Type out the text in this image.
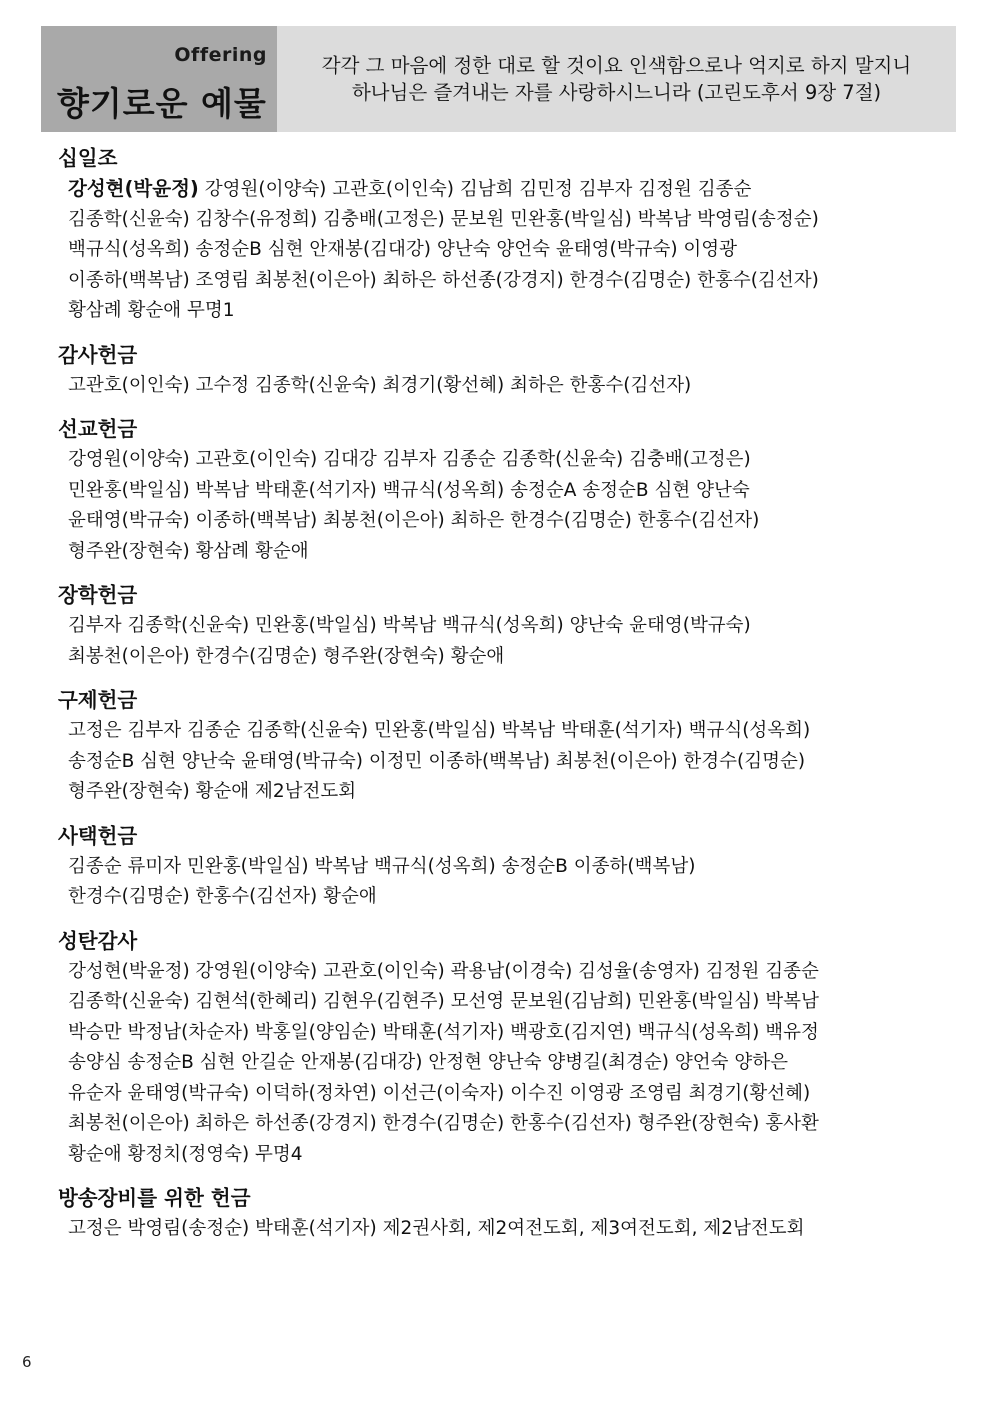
Offering
향기로운 예물
각각 그 마음에 정한 대로 할 것이요 인색함으로나 억지로 하지 말지니
하나님은 즐겨내는 자를 사랑하시느니라 (고린도후서 9장 7절)
십일조
강성현(박윤정) 강영원(이양숙) 고관호(이인숙) 김남희 김민정 김부자 김정원 김종순
김종학(신윤숙) 김창수(유정희) 김충배(고정은) 문보원 민완홍(박일심) 박복남 박영림(송정순)
백규식(성옥희) 송정순B 심현 안재봉(김대강) 양난숙 양언숙 윤태영(박규숙) 이영광
이종하(백복남) 조영림 최봉천(이은아) 최하은 하선종(강경지) 한경수(김명순) 한홍수(김선자)
황삼례 황순애 무명1
감사헌금
고관호(이인숙) 고수정 김종학(신윤숙) 최경기(황선혜) 최하은 한홍수(김선자)
선교헌금
강영원(이양숙) 고관호(이인숙) 김대강 김부자 김종순 김종학(신윤숙) 김충배(고정은)
민완홍(박일심) 박복남 박태훈(석기자) 백규식(성옥희) 송정순A 송정순B 심현 양난숙
윤태영(박규숙) 이종하(백복남) 최봉천(이은아) 최하은 한경수(김명순) 한홍수(김선자)
형주완(장현숙) 황삼례 황순애
장학헌금
김부자 김종학(신윤숙) 민완홍(박일심) 박복남 백규식(성옥희) 양난숙 윤태영(박규숙)
최봉천(이은아) 한경수(김명순) 형주완(장현숙) 황순애
구제헌금
고정은 김부자 김종순 김종학(신윤숙) 민완홍(박일심) 박복남 박태훈(석기자) 백규식(성옥희)
송정순B 심현 양난숙 윤태영(박규숙) 이정민 이종하(백복남) 최봉천(이은아) 한경수(김명순)
형주완(장현숙) 황순애 제2남전도회
사택헌금
김종순 류미자 민완홍(박일심) 박복남 백규식(성옥희) 송정순B 이종하(백복남)
한경수(김명순) 한홍수(김선자) 황순애
성탄감사
강성현(박윤정) 강영원(이양숙) 고관호(이인숙) 곽용남(이경숙) 김성율(송영자) 김정원 김종순
김종학(신윤숙) 김현석(한혜리) 김현우(김현주) 모선영 문보원(김남희) 민완홍(박일심) 박복남
박승만 박정남(차순자) 박홍일(양임순) 박태훈(석기자) 백광호(김지연) 백규식(성옥희) 백유정
송양심 송정순B 심현 안길순 안재봉(김대강) 안정현 양난숙 양병길(최경순) 양언숙 양하은
유순자 윤태영(박규숙) 이덕하(정차연) 이선근(이숙자) 이수진 이영광 조영림 최경기(황선혜)
최봉천(이은아) 최하은 하선종(강경지) 한경수(김명순) 한홍수(김선자) 형주완(장현숙) 홍사환
황순애 황정치(정영숙) 무명4
방송장비를 위한 헌금
고정은 박영림(송정순) 박태훈(석기자) 제2권사회, 제2여전도회, 제3여전도회, 제2남전도회
6
